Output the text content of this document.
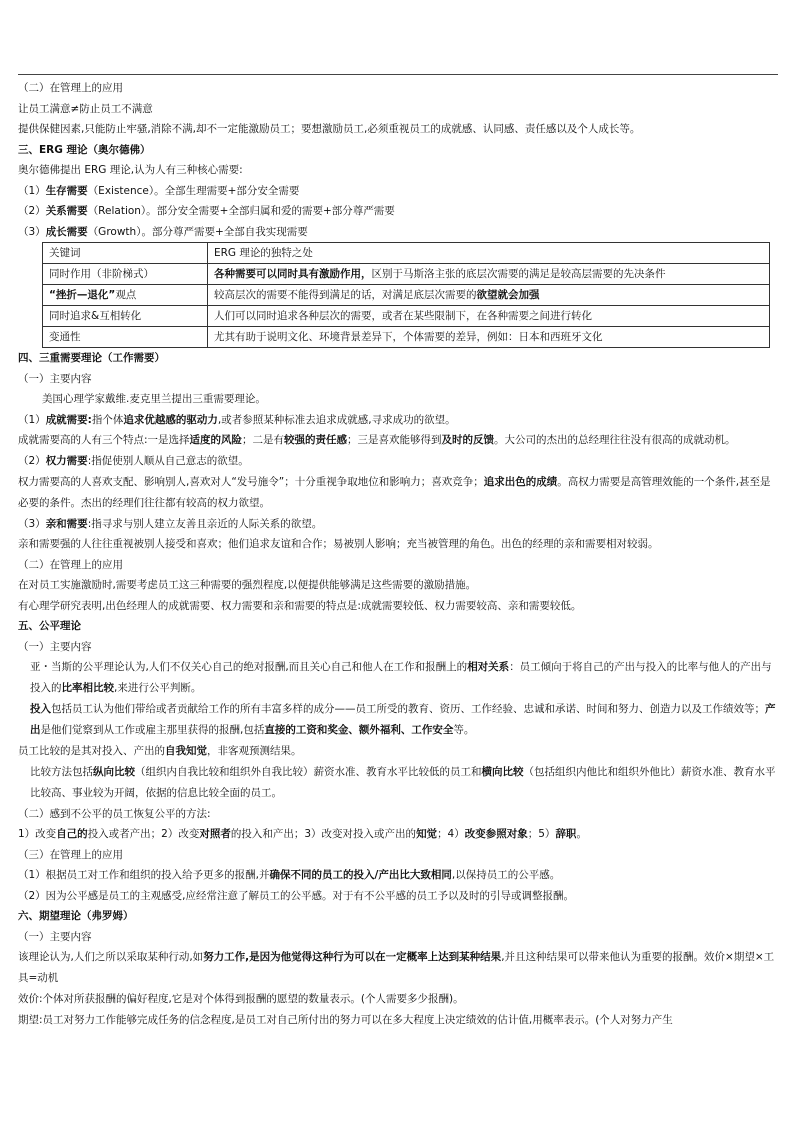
（二）在管理上的应用

让员工满意≠防止员工不满意

提供保健因素,只能防止牢骚,消除不满,却不一定能激励员工；要想激励员工,必须重视员工的成就感、认同感、责任感以及个人成长等。

三、ERG 理论（奥尔德佛）

奥尔德佛提出 ERG 理论,认为人有三种核心需要:

（1）生存需要（Existence）。全部生理需要+部分安全需要

（2）关系需要（Relation）。部分安全需要+全部归属和爱的需要+部分尊严需要

（3）成长需要（Growth）。部分尊严需要+全部自我实现需要

关键词	ERG 理论的独特之处
同时作用（非阶梯式）	各种需要可以同时具有激励作用，区别于马斯洛主张的底层次需要的满足是较高层需要的先决条件
“挫折—退化”观点	较高层次的需要不能得到满足的话，对满足底层次需要的欲望就会加强
同时追求&互相转化	人们可以同时追求各种层次的需要，或者在某些限制下，在各种需要之间进行转化
变通性	尤其有助于说明文化、环境背景差异下，个体需要的差异，例如：日本和西班牙文化

四、三重需要理论（工作需要）

（一）主要内容

美国心理学家戴维.麦克里兰提出三重需要理论。

（1）成就需要:指个体追求优越感的驱动力,或者参照某种标准去追求成就感,寻求成功的欲望。

成就需要高的人有三个特点:一是选择适度的风险；二是有较强的责任感；三是喜欢能够得到及时的反馈。大公司的杰出的总经理往往没有很高的成就动机。

（2）权力需要:指促使别人顺从自己意志的欲望。

权力需要高的人喜欢支配、影响别人,喜欢对人“发号施令”；十分重视争取地位和影响力；喜欢竞争；追求出色的成绩。高权力需要是高管理效能的一个条件,甚至是必要的条件。杰出的经理们往往都有较高的权力欲望。

（3）亲和需要:指寻求与别人建立友善且亲近的人际关系的欲望。

亲和需要强的人往往重视被别人接受和喜欢；他们追求友谊和合作；易被别人影响；充当被管理的角色。出色的经理的亲和需要相对较弱。

（二）在管理上的应用

在对员工实施激励时,需要考虑员工这三种需要的强烈程度,以便提供能够满足这些需要的激励措施。

有心理学研究表明,出色经理人的成就需要、权力需要和亲和需要的特点是:成就需要较低、权力需要较高、亲和需要较低。

五、公平理论

（一）主要内容

亚・当斯的公平理论认为,人们不仅关心自己的绝对报酬,而且关心自己和他人在工作和报酬上的相对关系：员工倾向于将自己的产出与投入的比率与他人的产出与投入的比率相比较,来进行公平判断。

投入包括员工认为他们带给或者贡献给工作的所有丰富多样的成分——员工所受的教育、资历、工作经验、忠诚和承诺、时间和努力、创造力以及工作绩效等；产出是他们觉察到从工作或雇主那里获得的报酬,包括直接的工资和奖金、额外福利、工作安全等。

员工比较的是其对投入、产出的自我知觉，非客观预测结果。

比较方法包括纵向比较（组织内自我比较和组织外自我比较）薪资水准、教育水平比较低的员工和横向比较（包括组织内他比和组织外他比）薪资水准、教育水平比较高、事业较为开阔，依据的信息比较全面的员工。

（二）感到不公平的员工恢复公平的方法:

1）改变自己的投入或者产出；2）改变对照者的投入和产出；3）改变对投入或产出的知觉；4）改变参照对象；5）辞职。

（三）在管理上的应用

（1）根据员工对工作和组织的投入给予更多的报酬,并确保不同的员工的投入/产出比大致相同,以保持员工的公平感。

（2）因为公平感是员工的主观感受,应经常注意了解员工的公平感。对于有不公平感的员工予以及时的引导或调整报酬。

六、期望理论（弗罗姆）

（一）主要内容

该理论认为,人们之所以采取某种行动,如努力工作,是因为他觉得这种行为可以在一定概率上达到某种结果,并且这种结果可以带来他认为重要的报酬。效价×期望×工具=动机

效价:个体对所获报酬的偏好程度,它是对个体得到报酬的愿望的数量表示。(个人需要多少报酬)。

期望:员工对努力工作能够完成任务的信念程度,是员工对自己所付出的努力可以在多大程度上决定绩效的估计值,用概率表示。(个人对努力产生
